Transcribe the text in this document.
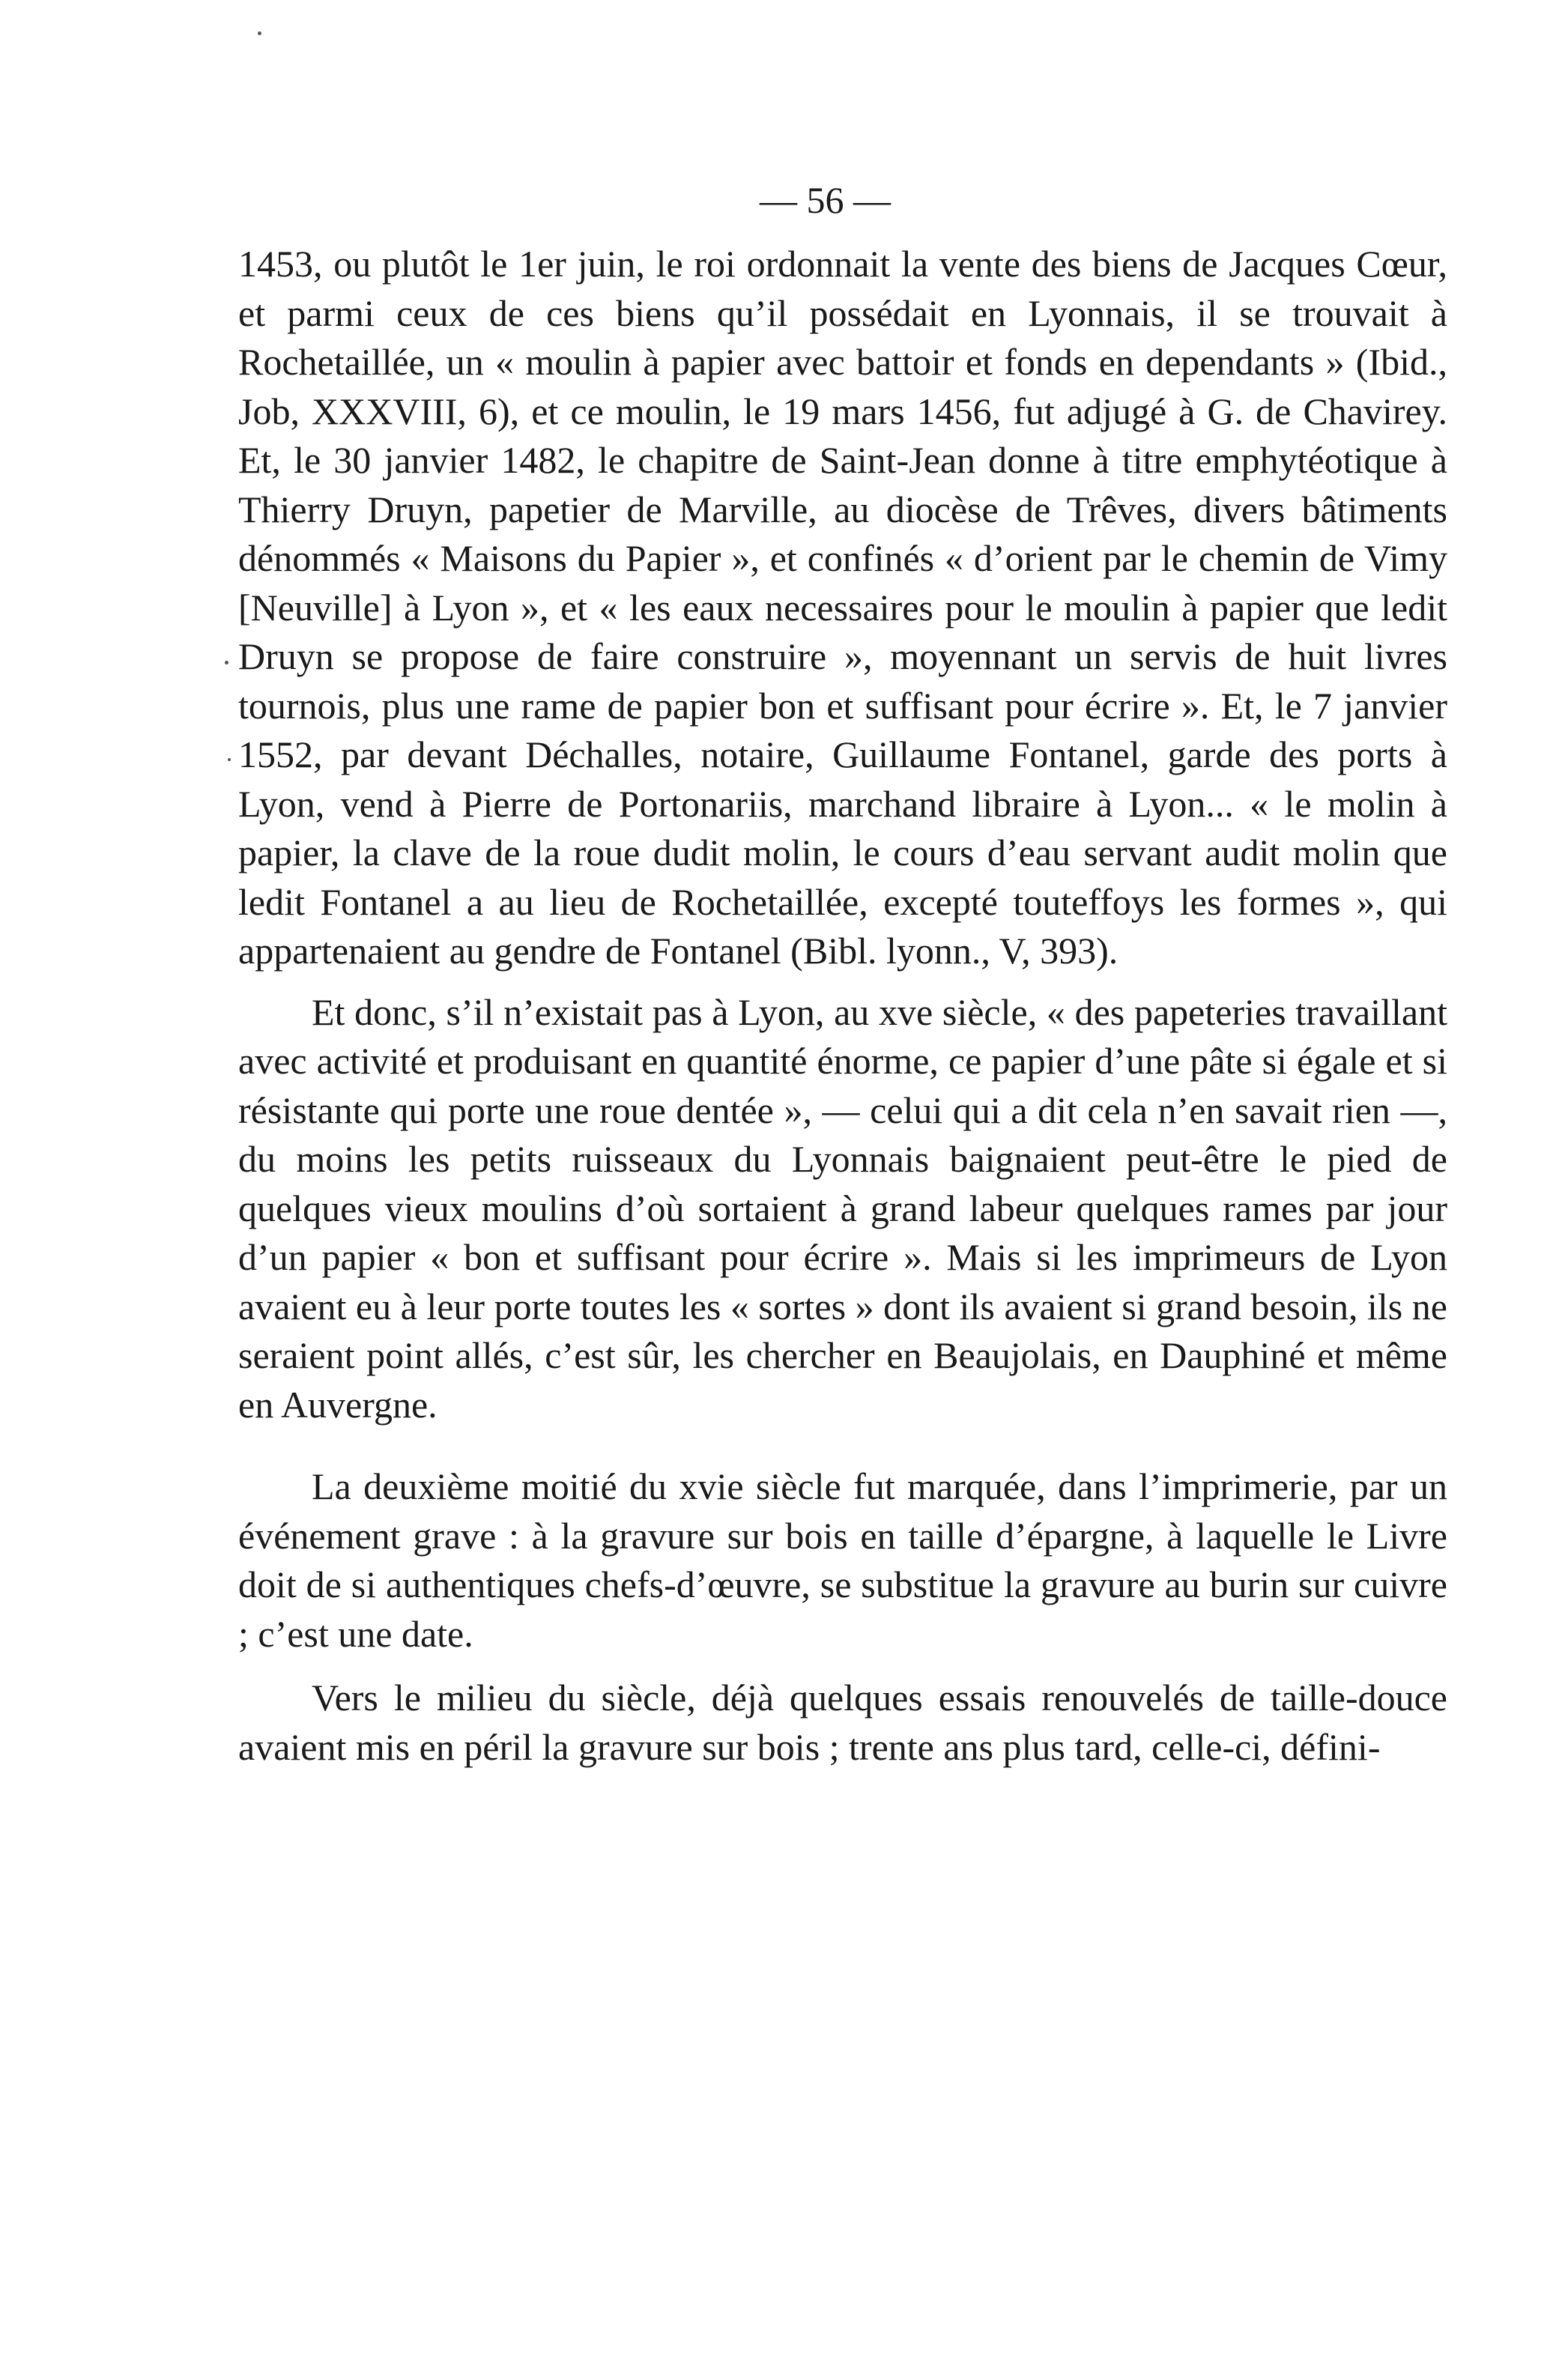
— 56 —

1453, ou plutôt le 1er juin, le roi ordonnait la vente des biens de Jacques Cœur, et parmi ceux de ces biens qu’il possédait en Lyonnais, il se trouvait à Rochetaillée, un « moulin à papier avec battoir et fonds en dependants » (Ibid., Job, XXXVIII, 6), et ce moulin, le 19 mars 1456, fut adjugé à G. de Chavirey. Et, le 30 janvier 1482, le chapitre de Saint-Jean donne à titre emphytéotique à Thierry Druyn, papetier de Marville, au diocèse de Trêves, divers bâtiments dénommés « Maisons du Papier », et confinés « d’orient par le chemin de Vimy [Neuville] à Lyon », et « les eaux necessaires pour le moulin à papier que ledit Druyn se propose de faire construire », moyennant un servis de huit livres tournois, plus une rame de papier bon et suffisant pour écrire ». Et, le 7 janvier 1552, par devant Déchalles, notaire, Guillaume Fontanel, garde des ports à Lyon, vend à Pierre de Portonariis, marchand libraire à Lyon... « le molin à papier, la clave de la roue dudit molin, le cours d’eau servant audit molin que ledit Fontanel a au lieu de Rochetaillée, excepté touteffoys les formes », qui appartenaient au gendre de Fontanel (Bibl. lyonn., V, 393).

Et donc, s’il n’existait pas à Lyon, au xve siècle, « des papeteries travaillant avec activité et produisant en quantité énorme, ce papier d’une pâte si égale et si résistante qui porte une roue dentée », — celui qui a dit cela n’en savait rien —, du moins les petits ruisseaux du Lyonnais baignaient peut-être le pied de quelques vieux moulins d’où sortaient à grand labeur quelques rames par jour d’un papier « bon et suffisant pour écrire ». Mais si les imprimeurs de Lyon avaient eu à leur porte toutes les « sortes » dont ils avaient si grand besoin, ils ne seraient point allés, c’est sûr, les chercher en Beaujolais, en Dauphiné et même en Auvergne.

La deuxième moitié du xvie siècle fut marquée, dans l’imprimerie, par un événement grave : à la gravure sur bois en taille d’épargne, à laquelle le Livre doit de si authentiques chefs-d’œuvre, se substitue la gravure au burin sur cuivre ; c’est une date.

Vers le milieu du siècle, déjà quelques essais renouvelés de taille-douce avaient mis en péril la gravure sur bois ; trente ans plus tard, celle-ci, défini-
